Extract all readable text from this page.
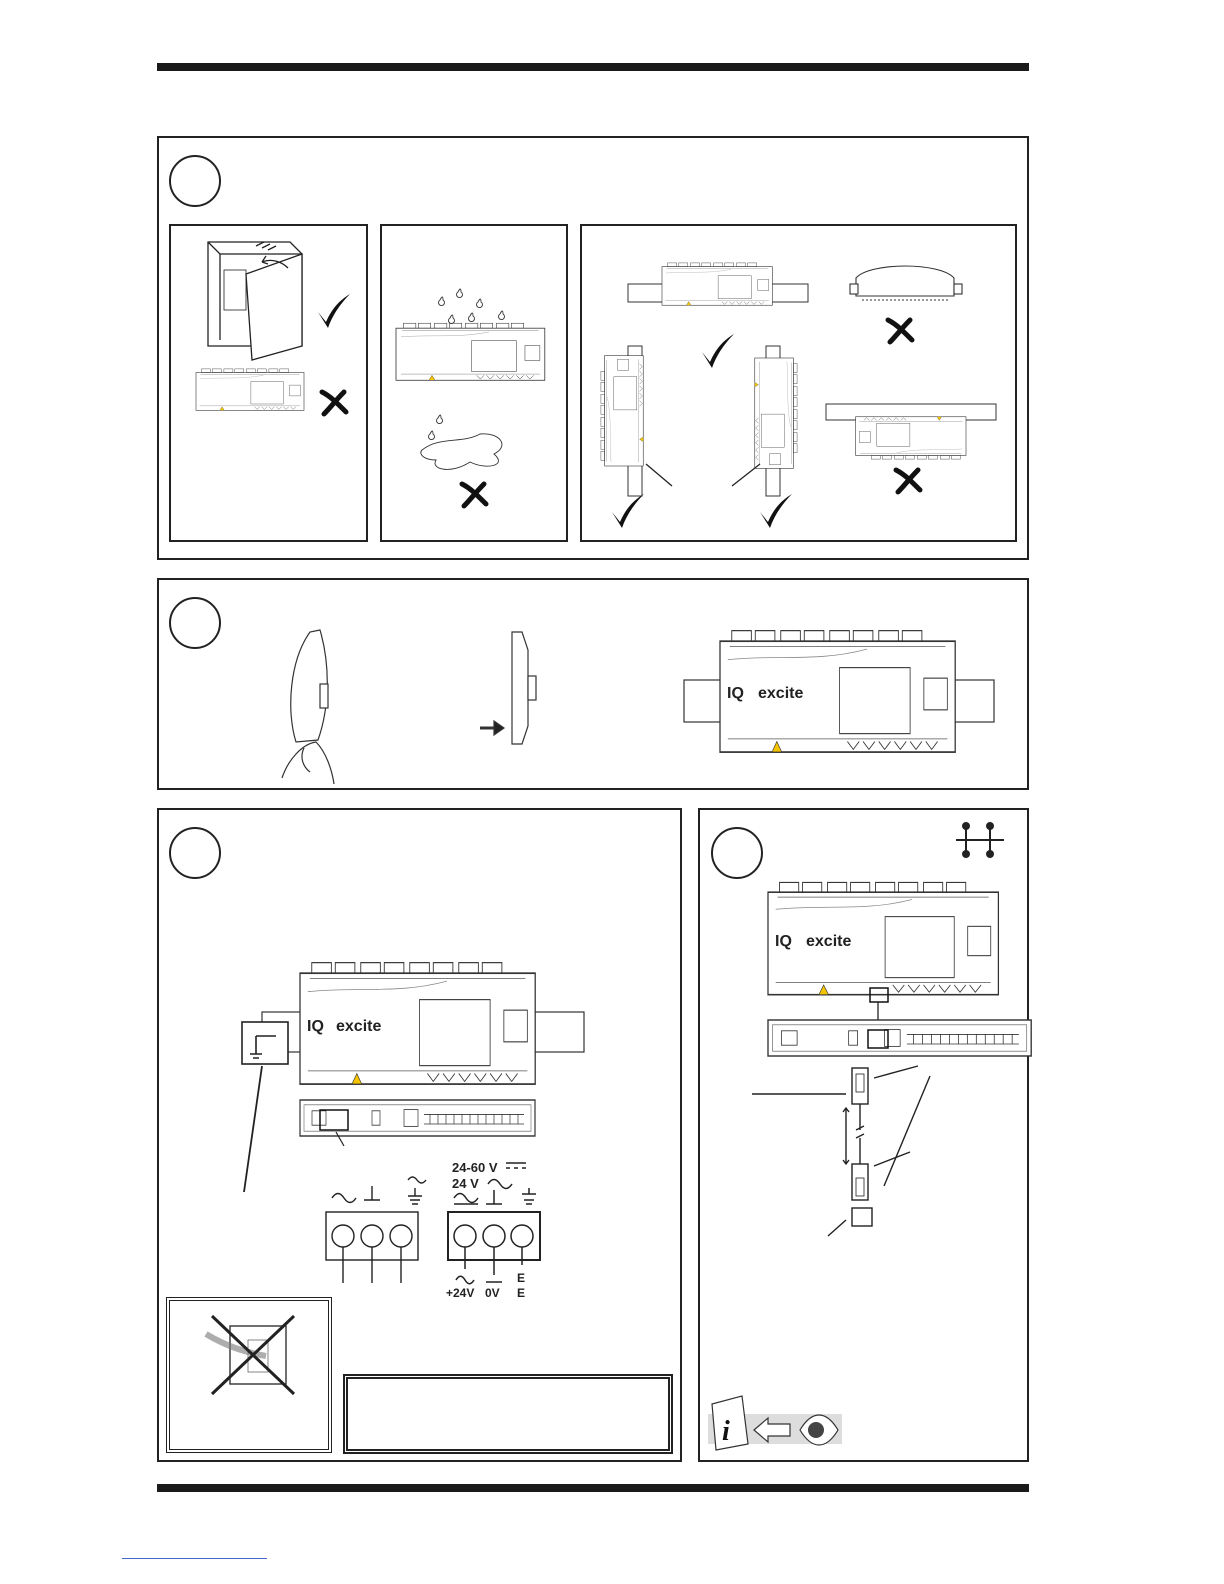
IQ excite
IQ excite
24-60 V
24 V
+24V 0V
E
E
IQ excite
i
